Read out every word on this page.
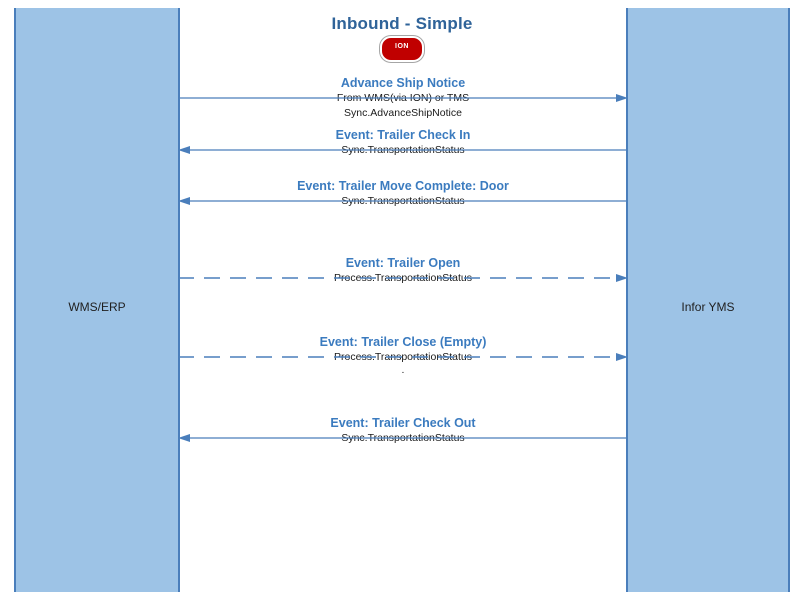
WMS/ERP	Infor YMS
Inbound - Simple
ION
Advance Ship Notice
From WMS(via ION) or TMS
Sync.AdvanceShipNotice
Event: Trailer Check In
Sync.TransportationStatus
Event: Trailer Move Complete: Door
Sync.TransportationStatus
Event: Trailer Open
Process.TransportationStatus
Event: Trailer Close (Empty)
Process.TransportationStatus
.
Event: Trailer Check Out
Sync.TransportationStatus
